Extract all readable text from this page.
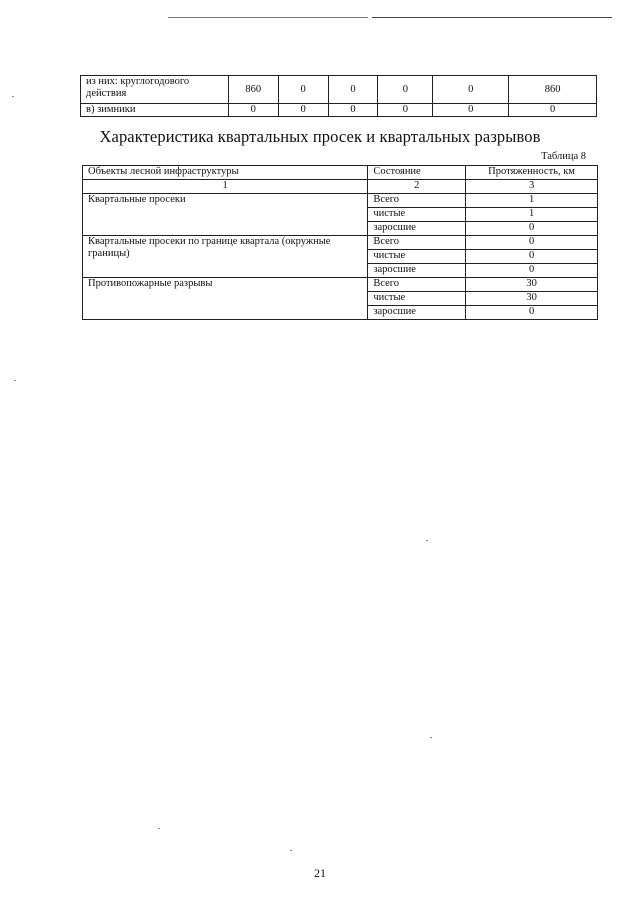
из них: круглогодового действия	860	0	0	0	0	860
в) зимники	0	0	0	0	0	0
Характеристика квартальных просек и квартальных разрывов

Таблица 8

Объекты лесной инфраструктуры	Состояние	Протяженность, км
1	2	3
Квартальные просеки	Всего	1
	чистые	1
	заросшие	0
Квартальные просеки по границе квартала (окружные границы)	Всего	0
	чистые	0
	заросшие	0
Противопожарные разрывы	Всего	30
	чистые	30
	заросшие	0

21
